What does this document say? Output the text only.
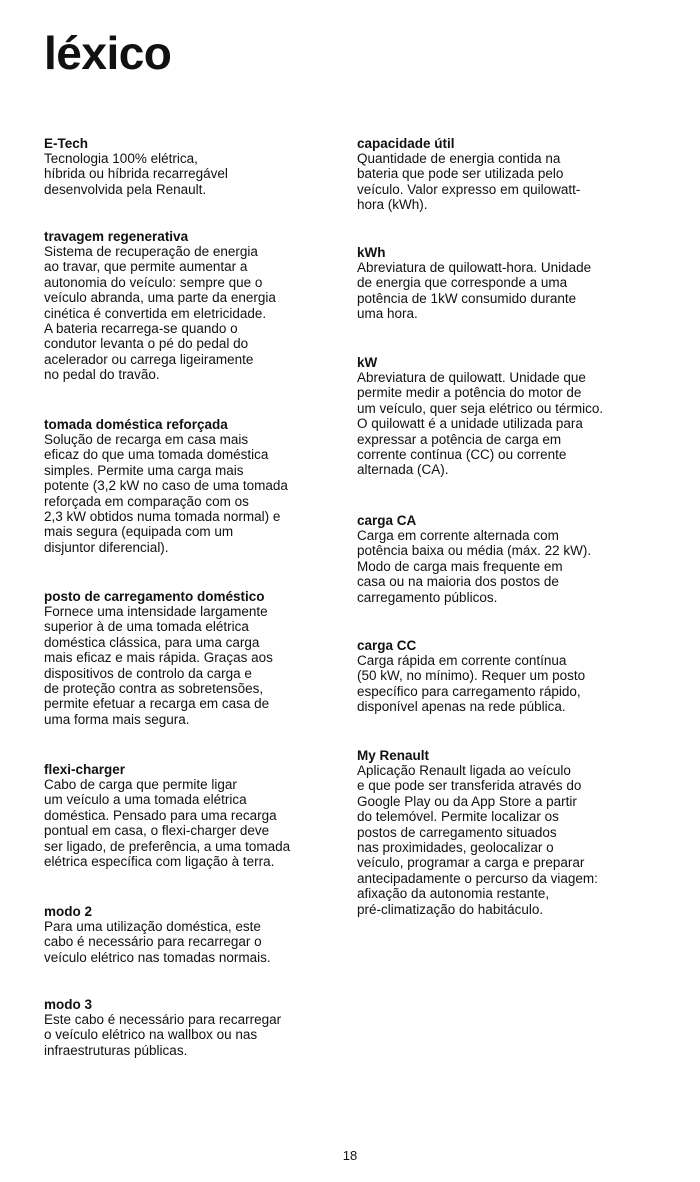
léxico
E-Tech

Tecnologia 100% elétrica,
híbrida ou híbrida recarregável
desenvolvida pela Renault.

travagem regenerativa

Sistema de recuperação de energia
ao travar, que permite aumentar a
autonomia do veículo: sempre que o
veículo abranda, uma parte da energia
cinética é convertida em eletricidade.
A bateria recarrega-se quando o
condutor levanta o pé do pedal do
acelerador ou carrega ligeiramente
no pedal do travão.

tomada doméstica reforçada

Solução de recarga em casa mais
eficaz do que uma tomada doméstica
simples. Permite uma carga mais
potente (3,2 kW no caso de uma tomada
reforçada em comparação com os
2,3 kW obtidos numa tomada normal) e
mais segura (equipada com um
disjuntor diferencial).

posto de carregamento doméstico

Fornece uma intensidade largamente
superior à de uma tomada elétrica
doméstica clássica, para uma carga
mais eficaz e mais rápida. Graças aos
dispositivos de controlo da carga e
de proteção contra as sobretensões,
permite efetuar a recarga em casa de
uma forma mais segura.

flexi-charger

Cabo de carga que permite ligar
um veículo a uma tomada elétrica
doméstica. Pensado para uma recarga
pontual em casa, o flexi-charger deve
ser ligado, de preferência, a uma tomada
elétrica específica com ligação à terra.

modo 2

Para uma utilização doméstica, este
cabo é necessário para recarregar o
veículo elétrico nas tomadas normais.

modo 3

Este cabo é necessário para recarregar
o veículo elétrico na wallbox ou nas
infraestruturas públicas.

capacidade útil

Quantidade de energia contida na
bateria que pode ser utilizada pelo
veículo. Valor expresso em quilowatt-
hora (kWh).

kWh

Abreviatura de quilowatt-hora. Unidade
de energia que corresponde a uma
potência de 1kW consumido durante
uma hora.

kW

Abreviatura de quilowatt. Unidade que
permite medir a potência do motor de
um veículo, quer seja elétrico ou térmico.
O quilowatt é a unidade utilizada para
expressar a potência de carga em
corrente contínua (CC) ou corrente
alternada (CA).

carga CA

Carga em corrente alternada com
potência baixa ou média (máx. 22 kW).
Modo de carga mais frequente em
casa ou na maioria dos postos de
carregamento públicos.

carga CC

Carga rápida em corrente contínua
(50 kW, no mínimo). Requer um posto
específico para carregamento rápido,
disponível apenas na rede pública.

My Renault

Aplicação Renault ligada ao veículo
e que pode ser transferida através do
Google Play ou da App Store a partir
do telemóvel. Permite localizar os
postos de carregamento situados
nas proximidades, geolocalizar o
veículo, programar a carga e preparar
antecipadamente o percurso da viagem:
afixação da autonomia restante,
pré-climatização do habitáculo.

18
